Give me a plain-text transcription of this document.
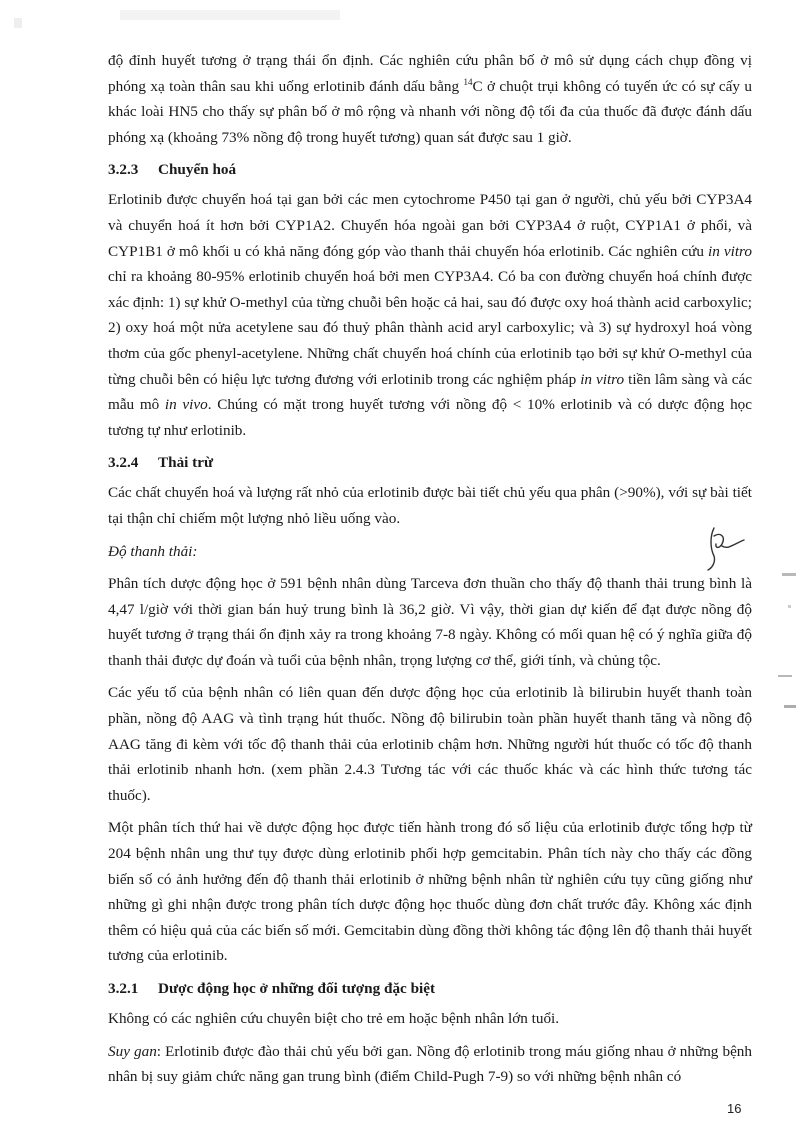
độ đỉnh huyết tương ở trạng thái ổn định. Các nghiên cứu phân bố ở mô sử dụng cách chụp đồng vị phóng xạ toàn thân sau khi uống erlotinib đánh dấu bằng $^{14}$C ở chuột trụi không có tuyến ức có sự cấy u khác loài HN5 cho thấy sự phân bố ở mô rộng và nhanh với nồng độ tối đa của thuốc đã được đánh dấu phóng xạ (khoảng 73% nồng độ trong huyết tương) quan sát được sau 1 giờ.

3.2.3 Chuyển hoá

Erlotinib được chuyển hoá tại gan bởi các men cytochrome P450 tại gan ở người, chủ yếu bởi CYP3A4 và chuyển hoá ít hơn bởi CYP1A2. Chuyển hóa ngoài gan bởi CYP3A4 ở ruột, CYP1A1 ở phổi, và CYP1B1 ở mô khối u có khả năng đóng góp vào thanh thải chuyển hóa erlotinib. Các nghiên cứu in vitro chỉ ra khoảng 80-95% erlotinib chuyển hoá bởi men CYP3A4. Có ba con đường chuyển hoá chính được xác định: 1) sự khử O-methyl của từng chuỗi bên hoặc cả hai, sau đó được oxy hoá thành acid carboxylic; 2) oxy hoá một nửa acetylene sau đó thuỷ phân thành acid aryl carboxylic; và 3) sự hydroxyl hoá vòng thơm của gốc phenyl-acetylene. Những chất chuyển hoá chính của erlotinib tạo bởi sự khử O-methyl của từng chuỗi bên có hiệu lực tương đương với erlotinib trong các nghiệm pháp in vitro tiền lâm sàng và các mẫu mô in vivo. Chúng có mặt trong huyết tương với nồng độ < 10% erlotinib và có dược động học tương tự như erlotinib.

3.2.4 Thải trừ

Các chất chuyển hoá và lượng rất nhỏ của erlotinib được bài tiết chủ yếu qua phân (>90%), với sự bài tiết tại thận chỉ chiếm một lượng nhỏ liều uống vào.

Độ thanh thải:

Phân tích dược động học ở 591 bệnh nhân dùng Tarceva đơn thuần cho thấy độ thanh thải trung bình là 4,47 l/giờ với thời gian bán huỷ trung bình là 36,2 giờ. Vì vậy, thời gian dự kiến để đạt được nồng độ huyết tương ở trạng thái ổn định xảy ra trong khoảng 7-8 ngày. Không có mối quan hệ có ý nghĩa giữa độ thanh thải được dự đoán và tuổi của bệnh nhân, trọng lượng cơ thể, giới tính, và chủng tộc.

Các yếu tố của bệnh nhân có liên quan đến dược động học của erlotinib là bilirubin huyết thanh toàn phần, nồng độ AAG và tình trạng hút thuốc. Nồng độ bilirubin toàn phần huyết thanh tăng và nồng độ AAG tăng đi kèm với tốc độ thanh thải của erlotinib chậm hơn. Những người hút thuốc có tốc độ thanh thải erlotinib nhanh hơn. (xem phần 2.4.3 Tương tác với các thuốc khác và các hình thức tương tác thuốc).

Một phân tích thứ hai về dược động học được tiến hành trong đó số liệu của erlotinib được tổng hợp từ 204 bệnh nhân ung thư tụy được dùng erlotinib phối hợp gemcitabin. Phân tích này cho thấy các đồng biến số có ảnh hưởng đến độ thanh thải erlotinib ở những bệnh nhân từ nghiên cứu tụy cũng giống như những gì ghi nhận được trong phân tích dược động học thuốc dùng đơn chất trước đây. Không xác định thêm có hiệu quả của các biến số mới. Gemcitabin dùng đồng thời không tác động lên độ thanh thải huyết tương của erlotinib.

3.2.1 Dược động học ở những đối tượng đặc biệt

Không có các nghiên cứu chuyên biệt cho trẻ em hoặc bệnh nhân lớn tuổi.

Suy gan: Erlotinib được đào thải chủ yếu bởi gan. Nồng độ erlotinib trong máu giống nhau ở những bệnh nhân bị suy giảm chức năng gan trung bình (điểm Child-Pugh 7-9) so với những bệnh nhân có

16
